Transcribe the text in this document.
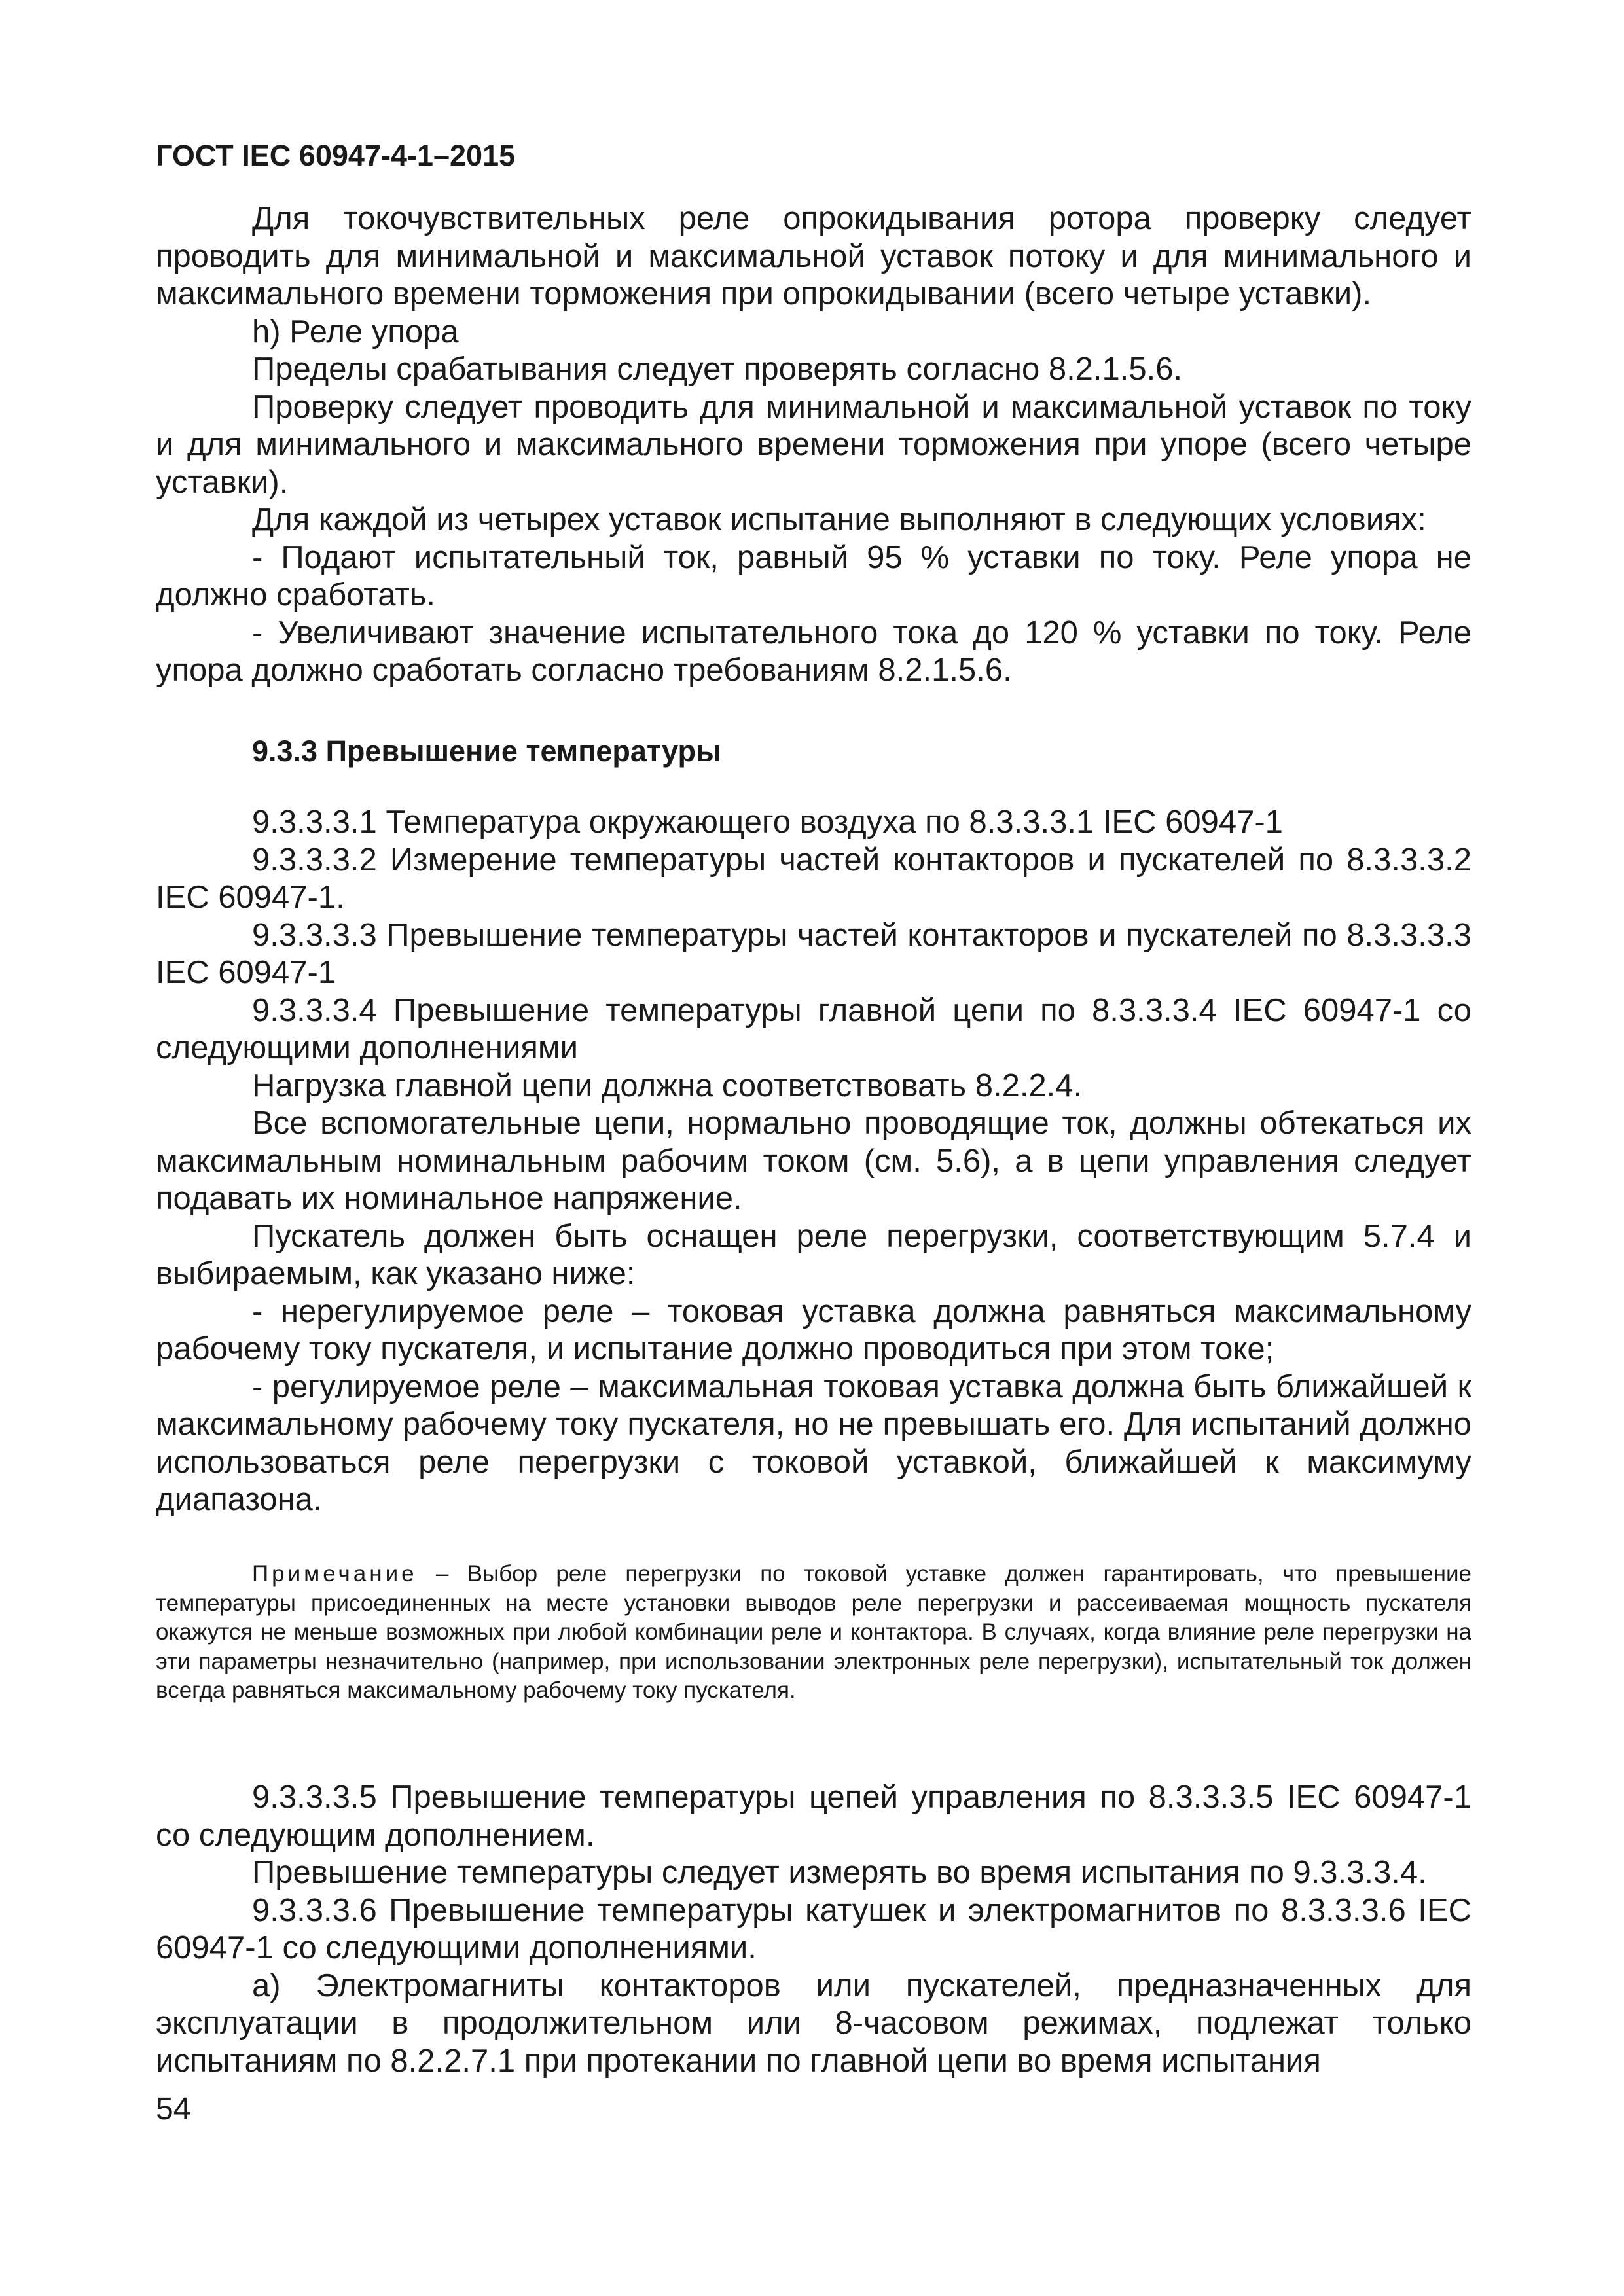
ГОСТ IEC 60947-4-1–2015

Для токочувствительных реле опрокидывания ротора проверку следует проводить для минимальной и максимальной уставок потоку и для минимального и максимального времени торможения при опрокидывании (всего четыре уставки).

h) Реле упора

Пределы срабатывания следует проверять согласно 8.2.1.5.6.

Проверку следует проводить для минимальной и максимальной уставок по току и для минимального и максимального времени торможения при упоре (всего четыре уставки).

Для каждой из четырех уставок испытание выполняют в следующих условиях:

- Подают испытательный ток, равный 95 % уставки по току. Реле упора не должно сработать.

- Увеличивают значение испытательного тока до 120 % уставки по току. Реле упора должно сработать согласно требованиям 8.2.1.5.6.

9.3.3 Превышение температуры

9.3.3.3.1 Температура окружающего воздуха по 8.3.3.3.1 IEC 60947-1

9.3.3.3.2 Измерение температуры частей контакторов и пускателей по 8.3.3.3.2 IEC 60947-1.

9.3.3.3.3 Превышение температуры частей контакторов и пускателей по 8.3.3.3.3 IEC 60947-1

9.3.3.3.4 Превышение температуры главной цепи по 8.3.3.3.4 IEC 60947-1 со следующими дополнениями

Нагрузка главной цепи должна соответствовать 8.2.2.4.

Все вспомогательные цепи, нормально проводящие ток, должны обтекаться их максимальным номинальным рабочим током (см. 5.6), а в цепи управления следует подавать их номинальное напряжение.

Пускатель должен быть оснащен реле перегрузки, соответствующим 5.7.4 и выбираемым, как указано ниже:

- нерегулируемое реле – токовая уставка должна равняться максимальному рабочему току пускателя, и испытание должно проводиться при этом токе;

- регулируемое реле – максимальная токовая уставка должна быть ближайшей к максимальному рабочему току пускателя, но не превышать его. Для испытаний должно использоваться реле перегрузки с токовой уставкой, ближайшей к максимуму диапазона.

Примечание – Выбор реле перегрузки по токовой уставке должен гарантировать, что превышение температуры присоединенных на месте установки выводов реле перегрузки и рассеиваемая мощность пускателя окажутся не меньше возможных при любой комбинации реле и контактора. В случаях, когда влияние реле перегрузки на эти параметры незначительно (например, при использовании электронных реле перегрузки), испытательный ток должен всегда равняться максимальному рабочему току пускателя.

9.3.3.3.5 Превышение температуры цепей управления по 8.3.3.3.5 IEC 60947-1 со следующим дополнением.

Превышение температуры следует измерять во время испытания по 9.3.3.3.4.

9.3.3.3.6 Превышение температуры катушек и электромагнитов по 8.3.3.3.6 IEC 60947-1 со следующими дополнениями.

а) Электромагниты контакторов или пускателей, предназначенных для эксплуатации в продолжительном или 8-часовом режимах, подлежат только испытаниям по 8.2.2.7.1 при протекании по главной цепи во время испытания

54
